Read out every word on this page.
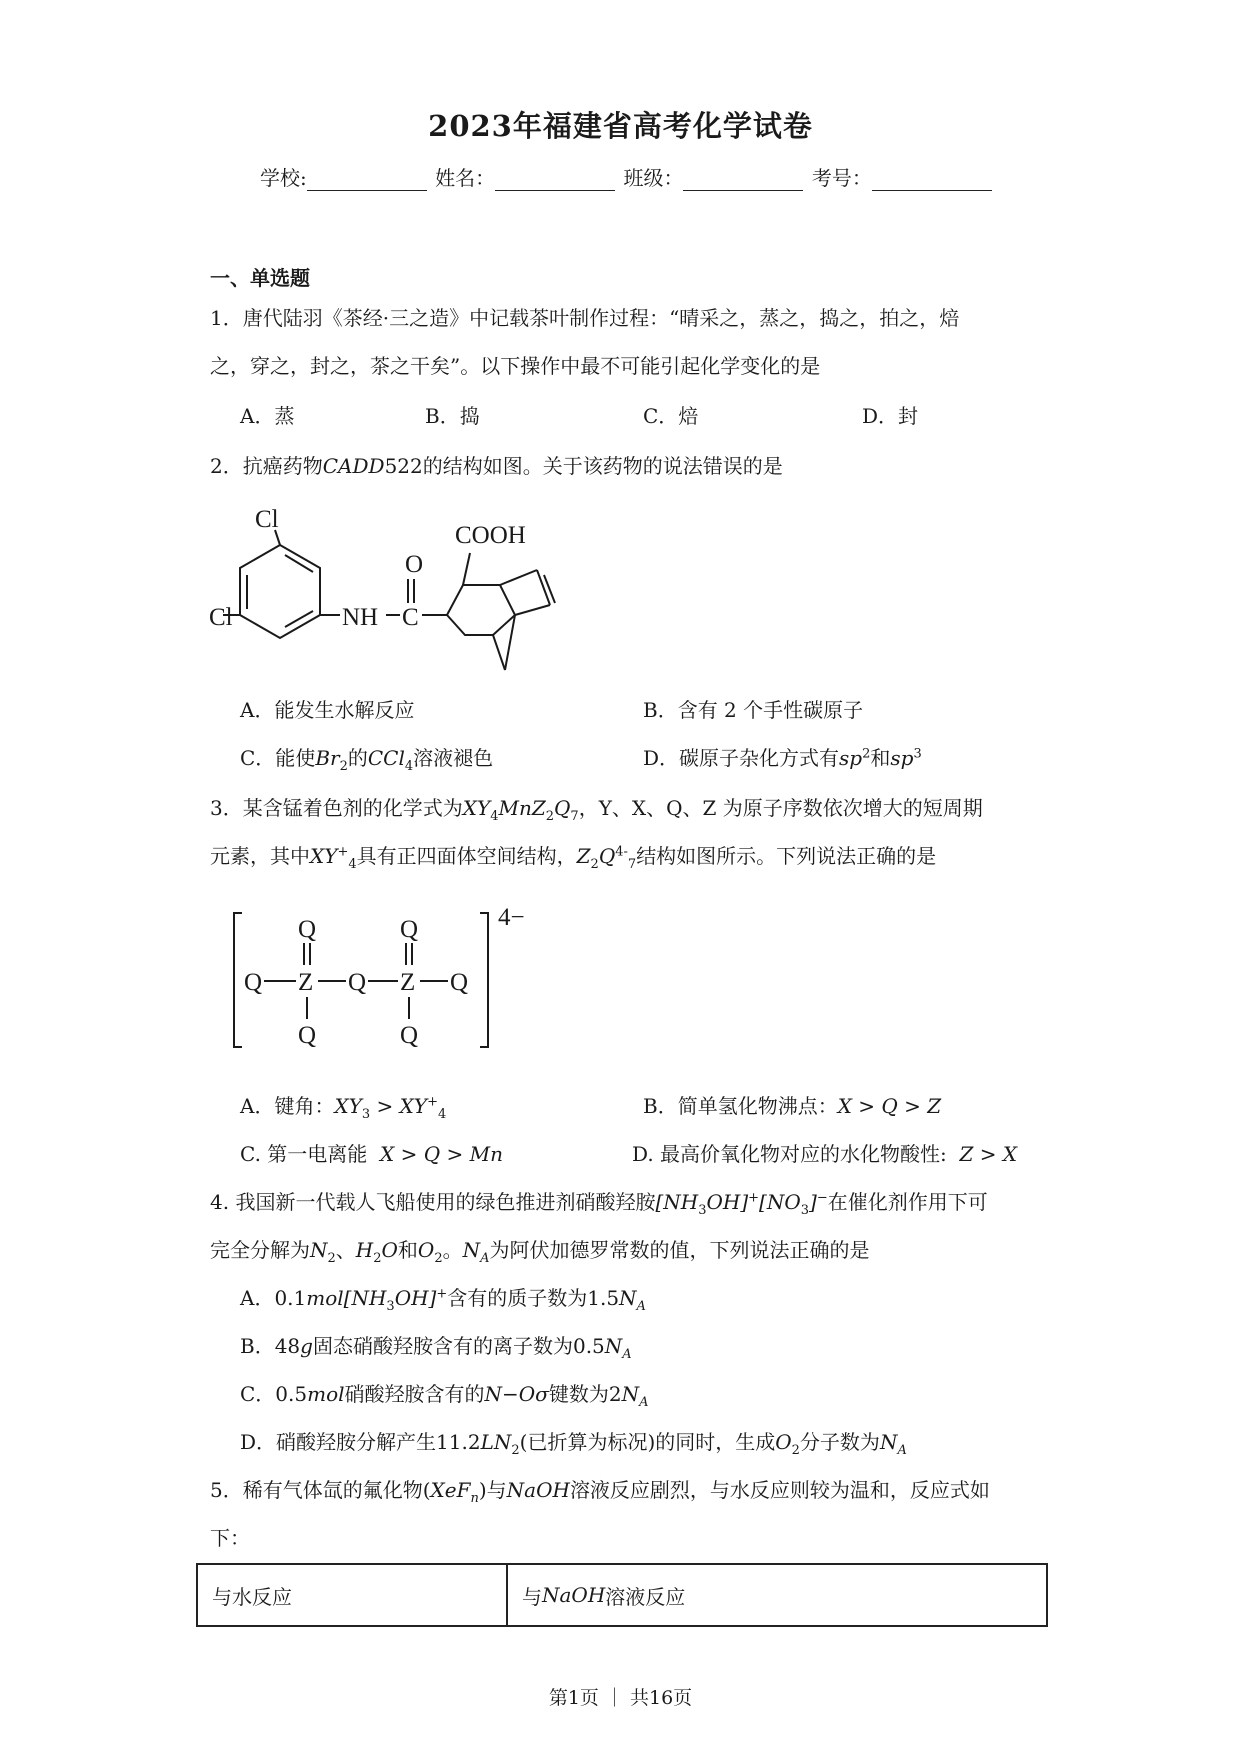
2023年福建省高考化学试卷
学校:	姓名：	班级：	考号：
一、单选题
1．唐代陆羽《茶经·三之造》中记载茶叶制作过程：“晴采之，蒸之，捣之，拍之，焙
之，穿之，封之，茶之干矣”。以下操作中最不可能引起化学变化的是
A．蒸	B．捣	C．焙	D．封
2．抗癌药物CADD522的结构如图。关于该药物的说法错误的是
Cl
Cl	NH C
O
COOH
A．能发生水解反应	B．含有 2 个手性碳原子
C．能使$Br_2$的CCl$_4$溶液褪色	D．碳原子杂化方式有$sp^2$和$sp^3$
3．某含锰着色剂的化学式为$XY_4MnZ_2Q_7$，Y、X、Q、Z 为原子序数依次增大的短周期
元素，其中$XY^+_4$具有正四面体空间结构，$Z_2Q^{4-}_7$结构如图所示。下列说法正确的是
4−
Q
Q
Z
Q
Q
Q
Z
Q
Q
A．键角：$XY_3 > XY^+_4$	B．简单氢化物沸点：X > Q > Z
C. 第一电离能 X > Q > Mn	D. 最高价氧化物对应的水化物酸性: Z > X
4. 我国新一代载人飞船使用的绿色推进剂硝酸羟胺$[NH_3OH]^+[NO_3]^-$在催化剂作用下可
完全分解为$N_2$、$H_2O$和$O_2$。$N_A$为阿伏加德罗常数的值，下列说法正确的是
A．$0.1mol[NH_3OH]^+$含有的质子数为$1.5N_A$
B．48g固态硝酸羟胺含有的离子数为$0.5N_A$
C．0.5mol硝酸羟胺含有的N−Oσ键数为$2N_A$
D．硝酸羟胺分解产生$11.2LN_2$(已折算为标况)的同时，生成$O_2$分子数为$N_A$
5．稀有气体氙的氟化物(XeF$_n$)与NaOH溶液反应剧烈，与水反应则较为温和，反应式如
下：
与水反应	与 NaOH 溶液反应
第1页 ｜ 共16页
